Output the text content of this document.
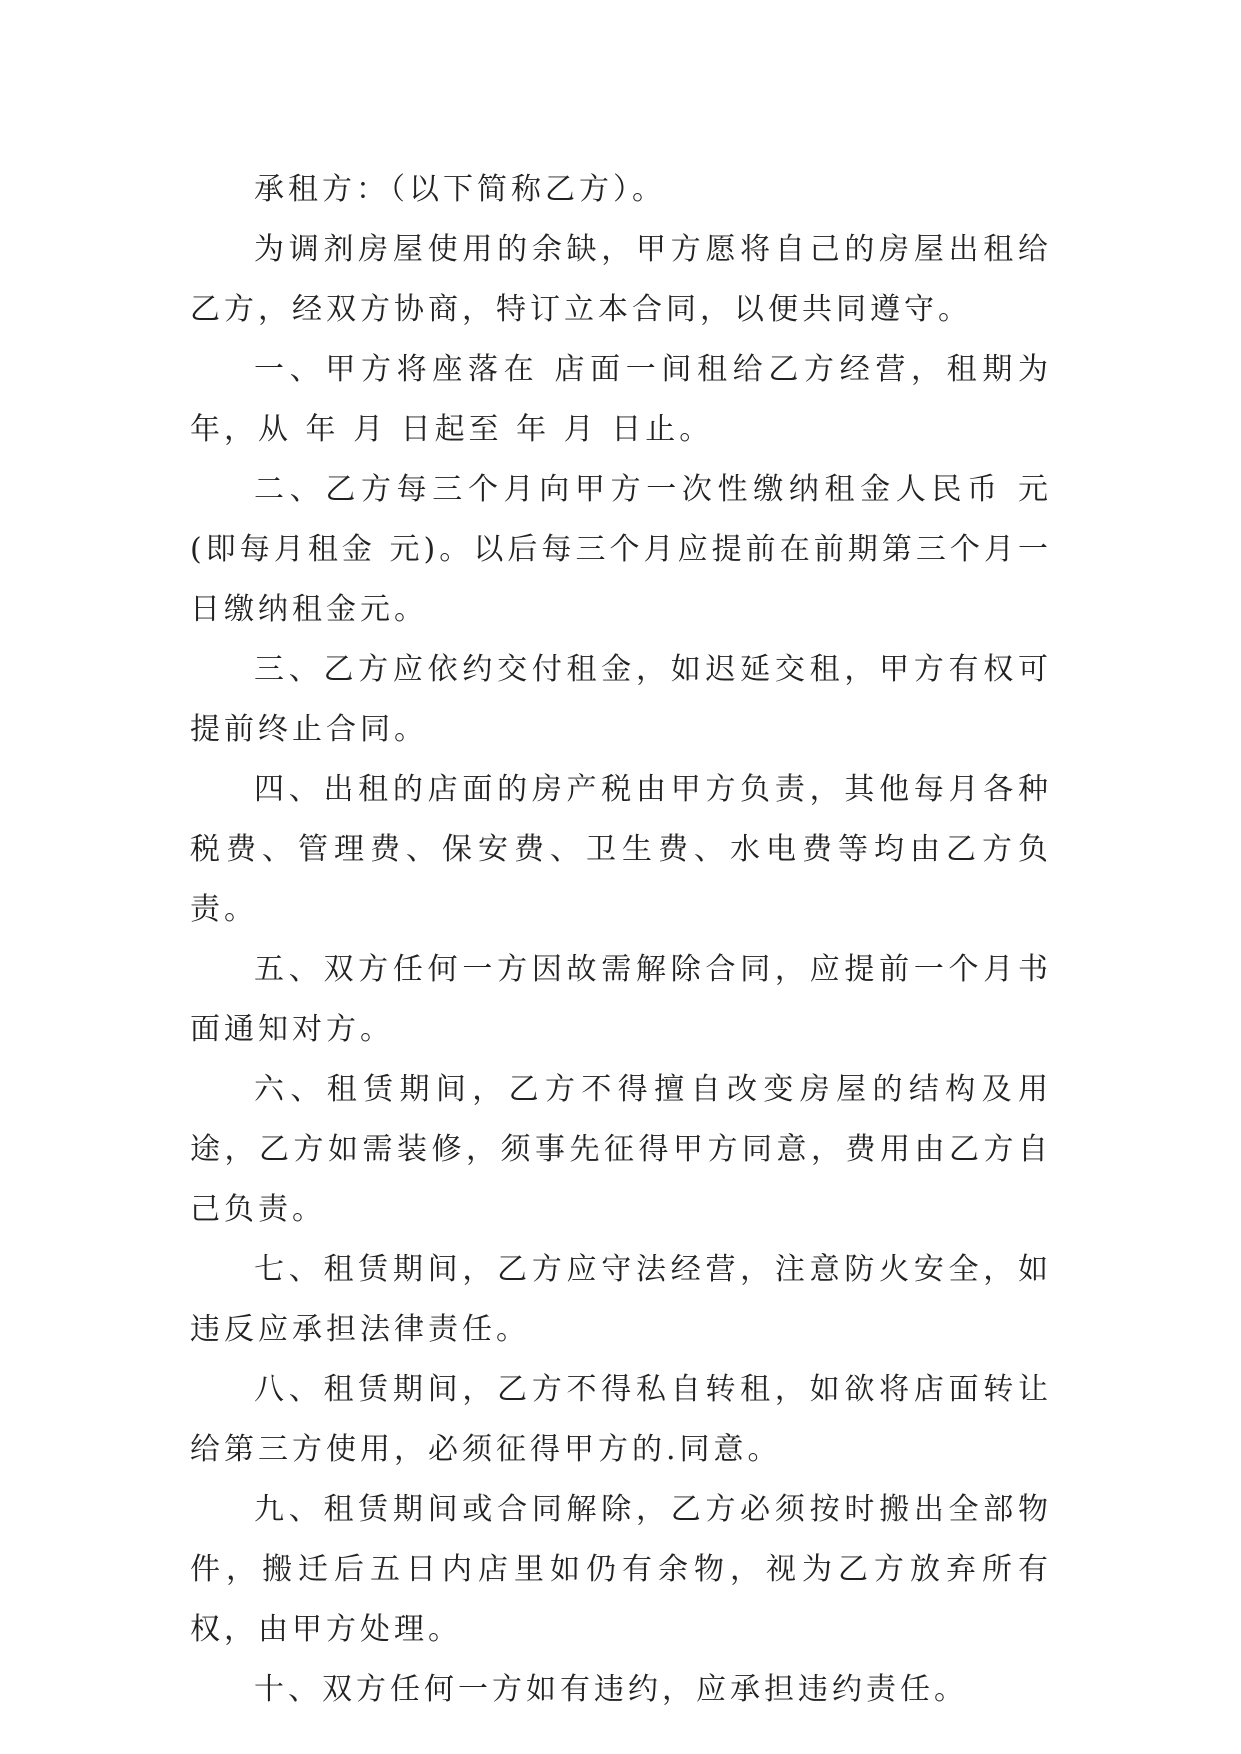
承租方：（以下简称乙方）。

为调剂房屋使用的余缺，甲方愿将自己的房屋出租给乙方，经双方协商，特订立本合同，以便共同遵守。

一、甲方将座落在 店面一间租给乙方经营，租期为 年，从 年 月 日起至 年 月 日止。

二、乙方每三个月向甲方一次性缴纳租金人民币 元(即每月租金 元)。以后每三个月应提前在前期第三个月一日缴纳租金元。

三、乙方应依约交付租金，如迟延交租，甲方有权可提前终止合同。

四、出租的店面的房产税由甲方负责，其他每月各种税费、管理费、保安费、卫生费、水电费等均由乙方负责。

五、双方任何一方因故需解除合同，应提前一个月书面通知对方。

六、租赁期间，乙方不得擅自改变房屋的结构及用途，乙方如需装修，须事先征得甲方同意，费用由乙方自己负责。

七、租赁期间，乙方应守法经营，注意防火安全，如违反应承担法律责任。

八、租赁期间，乙方不得私自转租，如欲将店面转让给第三方使用，必须征得甲方的.同意。

九、租赁期间或合同解除，乙方必须按时搬出全部物件，搬迁后五日内店里如仍有余物，视为乙方放弃所有权，由甲方处理。

十、双方任何一方如有违约，应承担违约责任。
